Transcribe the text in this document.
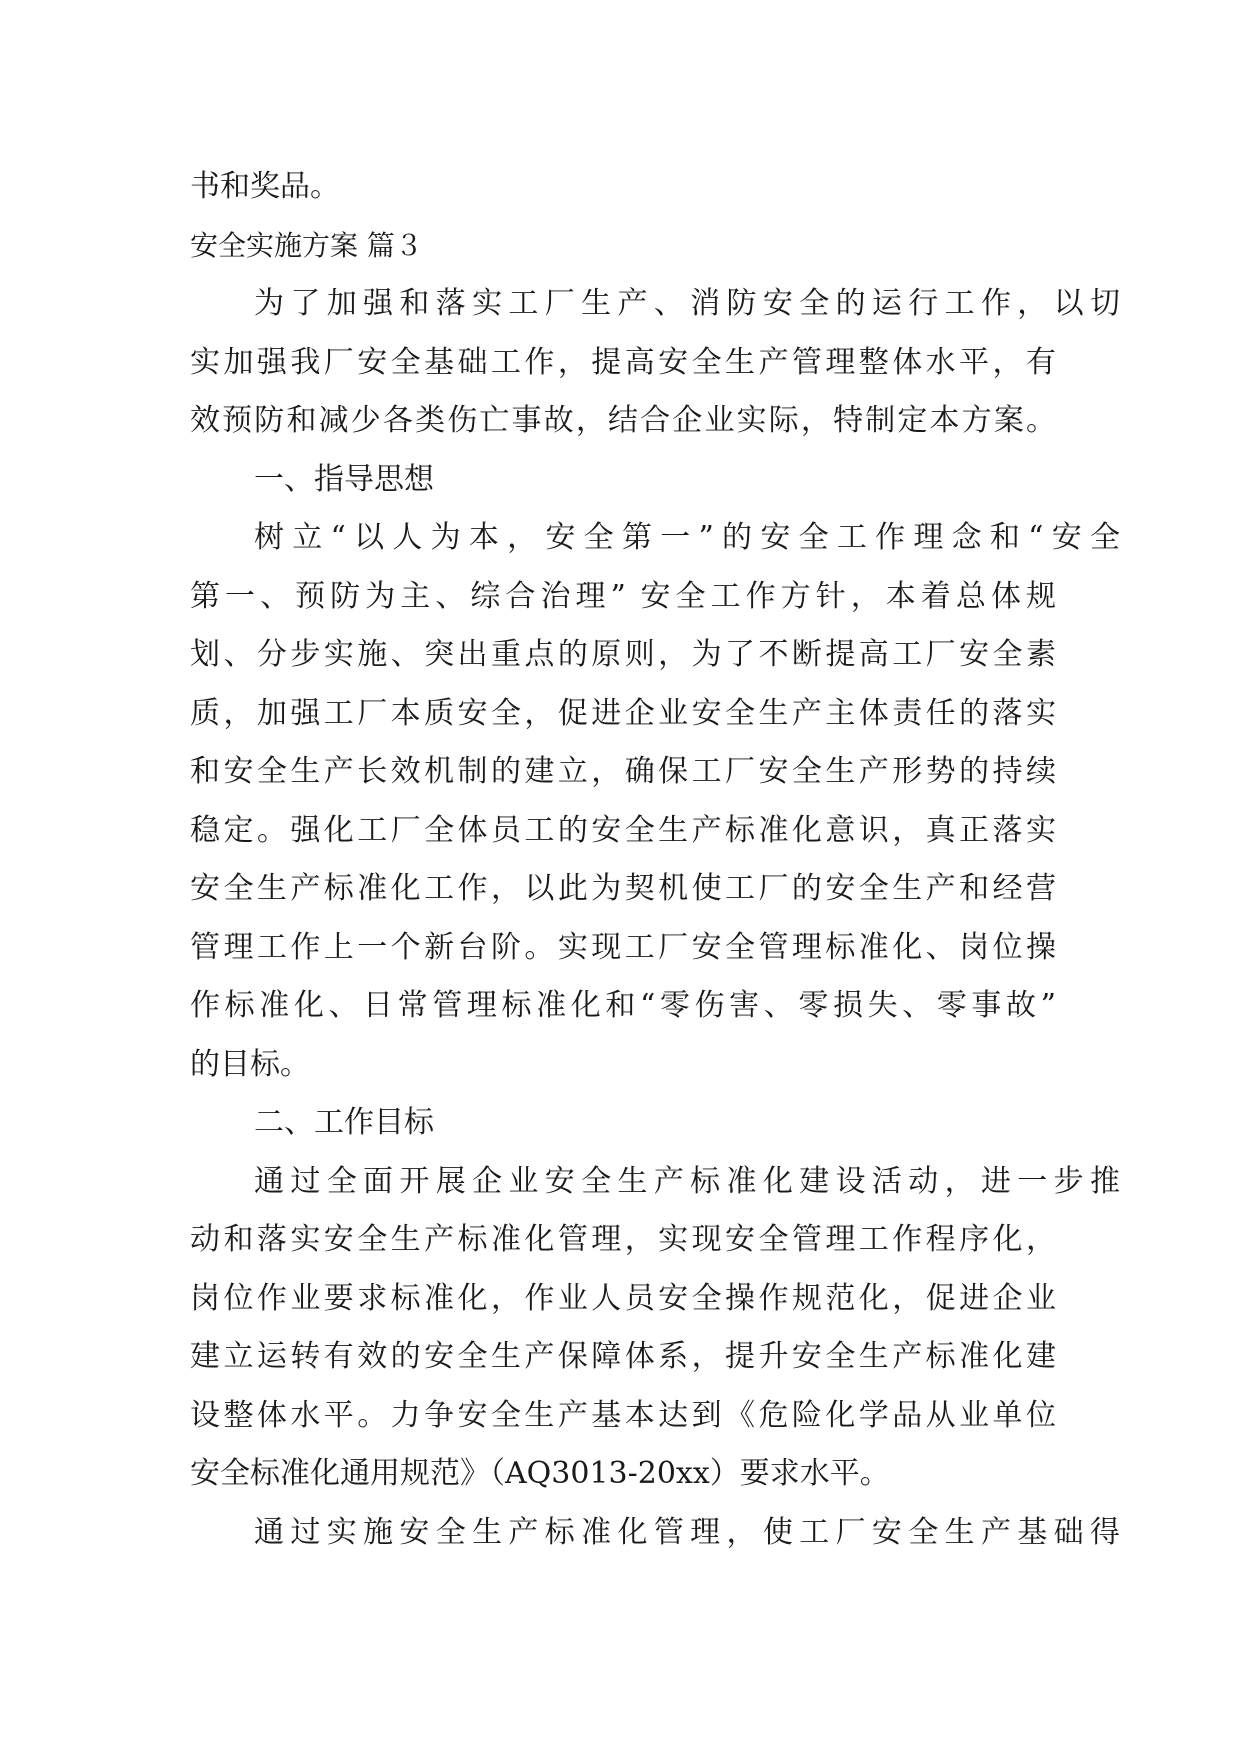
书和奖品。
安全实施方案 篇３
为了加强和落实工厂生产、消防安全的运行工作，以切
实加强我厂安全基础工作，提高安全生产管理整体水平，有
效预防和减少各类伤亡事故，结合企业实际，特制定本方案。
一、指导思想
树立“以人为本，安全第一”的安全工作理念和“安全
第一、预防为主、综合治理” 安全工作方针，本着总体规
划、分步实施、突出重点的原则，为了不断提高工厂安全素
质，加强工厂本质安全，促进企业安全生产主体责任的落实
和安全生产长效机制的建立，确保工厂安全生产形势的持续
稳定。强化工厂全体员工的安全生产标准化意识，真正落实
安全生产标准化工作，以此为契机使工厂的安全生产和经营
管理工作上一个新台阶。实现工厂安全管理标准化、岗位操
作标准化、日常管理标准化和“零伤害、零损失、零事故”
的目标。
二、工作目标
通过全面开展企业安全生产标准化建设活动，进一步推
动和落实安全生产标准化管理，实现安全管理工作程序化，
岗位作业要求标准化，作业人员安全操作规范化，促进企业
建立运转有效的安全生产保障体系，提升安全生产标准化建
设整体水平。力争安全生产基本达到《危险化学品从业单位
安全标准化通用规范》（AQ3013-20xx）要求水平。
通过实施安全生产标准化管理，使工厂安全生产基础得
